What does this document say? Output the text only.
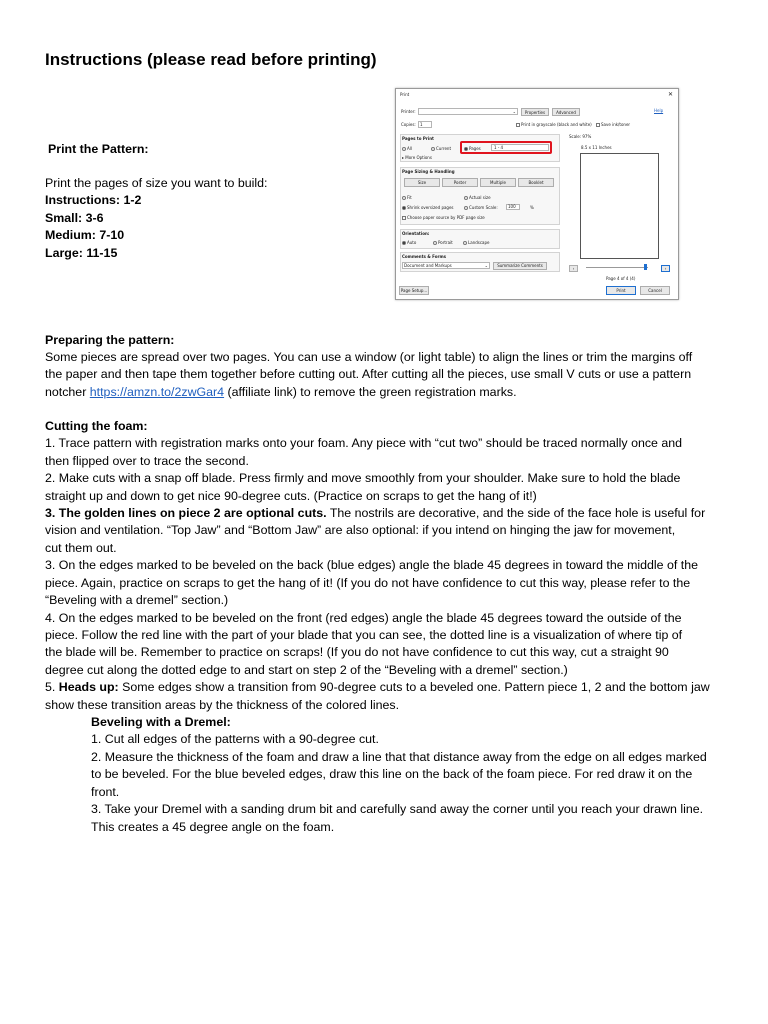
Instructions (please read before printing)
Print the Pattern:
Print the pages of size you want to build:
Instructions: 1-2
Small: 3-6
Medium: 7-10
Large: 11-15
Print	✕
Printer:	⌄	Properties	Advanced	Help
Copies:	1	Print in grayscale (black and white)	Save ink/toner
Pages to Print
All	Current	Pages	1 - 4
▸ More Options
Page Sizing & Handling
Size	Poster	Multiple	Booklet
Fit	Actual size
Shrink oversized pages	Custom Scale:	100	%
Choose paper source by PDF page size
Orientation:
Auto	Portrait	Landscape
Comments & Forms
Document and Markups	⌄	Summarize Comments
Scale: 97%
8.5 x 11 Inches
‹	›
Page 4 of 4 (4)
Page Setup...	Print	Cancel
Preparing the pattern:
Some pieces are spread over two pages. You can use a window (or light table) to align the lines or trim the margins off
the paper and then tape them together before cutting out. After cutting all the pieces, use small V cuts or use a pattern
notcher https://amzn.to/2zwGar4 (affiliate link) to remove the green registration marks.
Cutting the foam:
1. Trace pattern with registration marks onto your foam. Any piece with “cut two” should be traced normally once and
then flipped over to trace the second.
2. Make cuts with a snap off blade. Press firmly and move smoothly from your shoulder. Make sure to hold the blade
straight up and down to get nice 90-degree cuts. (Practice on scraps to get the hang of it!)
3. The golden lines on piece 2 are optional cuts. The nostrils are decorative, and the side of the face hole is useful for
vision and ventilation. “Top Jaw” and “Bottom Jaw” are also optional: if you intend on hinging the jaw for movement,
cut them out.
3. On the edges marked to be beveled on the back (blue edges) angle the blade 45 degrees in toward the middle of the
piece. Again, practice on scraps to get the hang of it! (If you do not have confidence to cut this way, please refer to the
“Beveling with a dremel” section.)
4. On the edges marked to be beveled on the front (red edges) angle the blade 45 degrees toward the outside of the
piece. Follow the red line with the part of your blade that you can see, the dotted line is a visualization of where tip of
the blade will be. Remember to practice on scraps! (If you do not have confidence to cut this way, cut a straight 90
degree cut along the dotted edge to and start on step 2 of the “Beveling with a dremel” section.)
5. Heads up: Some edges show a transition from 90-degree cuts to a beveled one. Pattern piece 1, 2 and the bottom jaw
show these transition areas by the thickness of the colored lines.
Beveling with a Dremel:
1. Cut all edges of the patterns with a 90-degree cut.
2. Measure the thickness of the foam and draw a line that that distance away from the edge on all edges marked
to be beveled. For the blue beveled edges, draw this line on the back of the foam piece. For red draw it on the
front.
3. Take your Dremel with a sanding drum bit and carefully sand away the corner until you reach your drawn line.
This creates a 45 degree angle on the foam.
